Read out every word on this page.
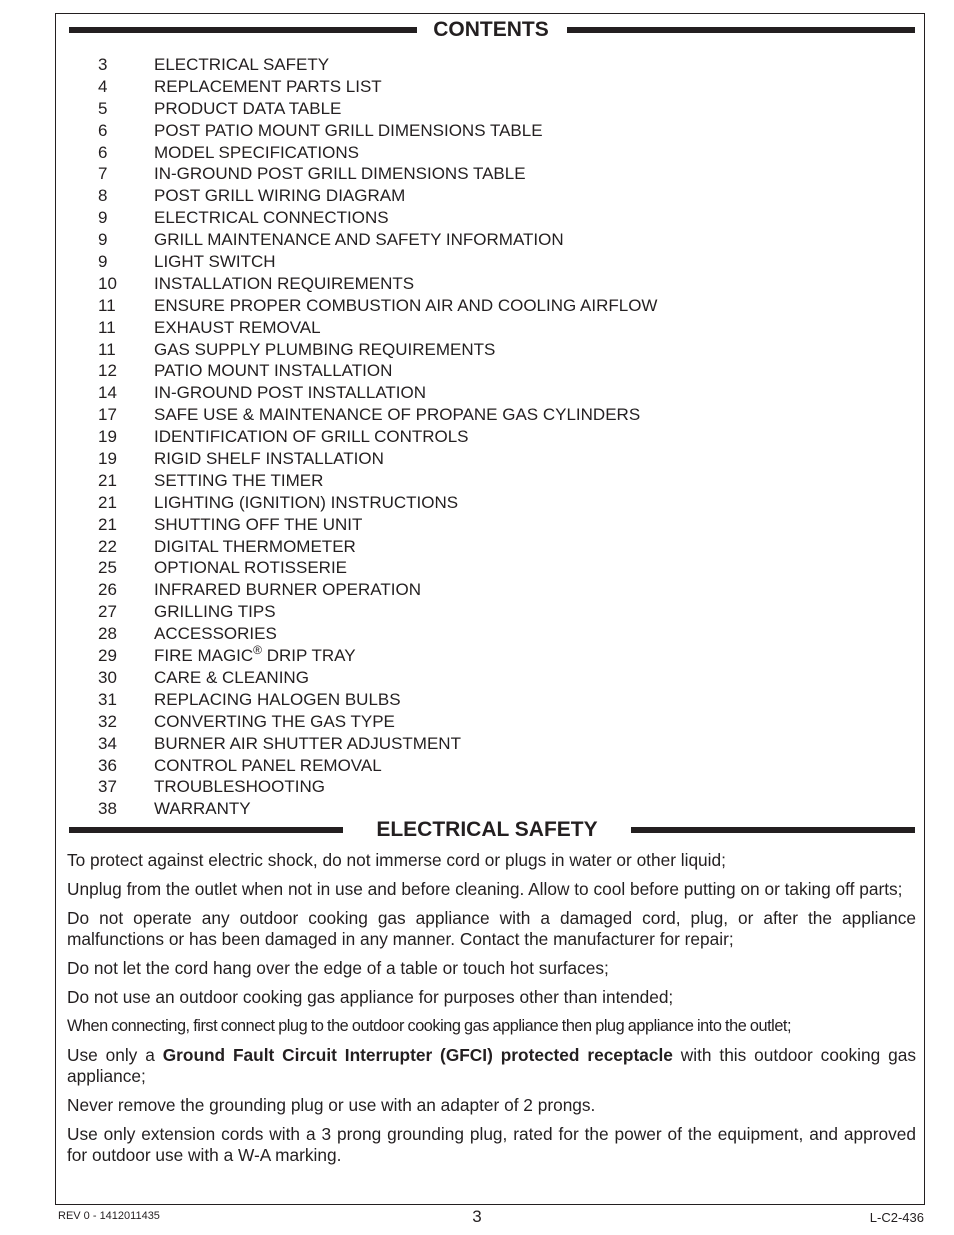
CONTENTS
3	ELECTRICAL SAFETY
4	REPLACEMENT PARTS LIST
5	PRODUCT DATA TABLE
6	POST PATIO MOUNT GRILL DIMENSIONS TABLE
6	MODEL SPECIFICATIONS
7	IN-GROUND POST GRILL DIMENSIONS TABLE
8	POST GRILL WIRING DIAGRAM
9	ELECTRICAL CONNECTIONS
9	GRILL MAINTENANCE AND SAFETY INFORMATION
9	LIGHT SWITCH
10 INSTALLATION REQUIREMENTS
11 ENSURE PROPER COMBUSTION AIR AND COOLING AIRFLOW
11 EXHAUST REMOVAL
11 GAS SUPPLY PLUMBING REQUIREMENTS
12 PATIO MOUNT INSTALLATION
14 IN-GROUND POST INSTALLATION
17 SAFE USE & MAINTENANCE OF PROPANE GAS CYLINDERS
19 IDENTIFICATION OF GRILL CONTROLS
19 RIGID SHELF INSTALLATION
21 SETTING THE TIMER
21 LIGHTING (IGNITION) INSTRUCTIONS
21 SHUTTING OFF THE UNIT
22 DIGITAL THERMOMETER
25 OPTIONAL ROTISSERIE
26 INFRARED BURNER OPERATION
27 GRILLING TIPS
28 ACCESSORIES
29 FIRE MAGIC® DRIP TRAY
30 CARE & CLEANING
31 REPLACING HALOGEN BULBS
32 CONVERTING THE GAS TYPE
34 BURNER AIR SHUTTER ADJUSTMENT
36 CONTROL PANEL REMOVAL
37 TROUBLESHOOTING
38 WARRANTY
ELECTRICAL SAFETY

To protect against electric shock, do not immerse cord or plugs in water or other liquid;

Unplug from the outlet when not in use and before cleaning. Allow to cool before putting on or taking off parts;

Do not operate any outdoor cooking gas appliance with a damaged cord, plug, or after the appliance malfunctions or has been damaged in any manner. Contact the manufacturer for repair;

Do not let the cord hang over the edge of a table or touch hot surfaces;

Do not use an outdoor cooking gas appliance for purposes other than intended;

When connecting, first connect plug to the outdoor cooking gas appliance then plug appliance into the outlet;

Use only a Ground Fault Circuit Interrupter (GFCI) protected receptacle with this outdoor cooking gas appliance;

Never remove the grounding plug or use with an adapter of 2 prongs.

Use only extension cords with a 3 prong grounding plug, rated for the power of the equipment, and approved for outdoor use with a W-A marking.

REV 0 - 1412011435	3	L-C2-436
